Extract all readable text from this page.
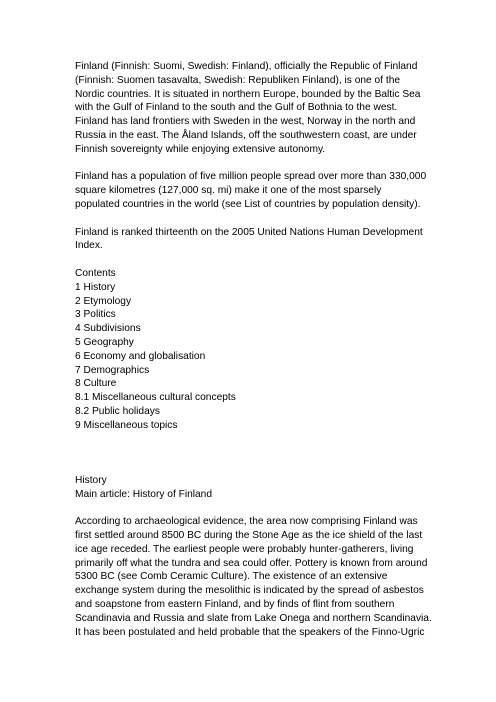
Finland (Finnish: Suomi, Swedish: Finland), officially the Republic of Finland
(Finnish: Suomen tasavalta, Swedish: Republiken Finland), is one of the
Nordic countries. It is situated in northern Europe, bounded by the Baltic Sea
with the Gulf of Finland to the south and the Gulf of Bothnia to the west.
Finland has land frontiers with Sweden in the west, Norway in the north and
Russia in the east. The Åland Islands, off the southwestern coast, are under
Finnish sovereignty while enjoying extensive autonomy.
Finland has a population of five million people spread over more than 330,000
square kilometres (127,000 sq. mi) make it one of the most sparsely
populated countries in the world (see List of countries by population density).
Finland is ranked thirteenth on the 2005 United Nations Human Development
Index.
Contents
1 History
2 Etymology
3 Politics
4 Subdivisions
5 Geography
6 Economy and globalisation
7 Demographics
8 Culture
8.1 Miscellaneous cultural concepts
8.2 Public holidays
9 Miscellaneous topics
History
Main article: History of Finland
According to archaeological evidence, the area now comprising Finland was
first settled around 8500 BC during the Stone Age as the ice shield of the last
ice age receded. The earliest people were probably hunter-gatherers, living
primarily off what the tundra and sea could offer. Pottery is known from around
5300 BC (see Comb Ceramic Culture). The existence of an extensive
exchange system during the mesolithic is indicated by the spread of asbestos
and soapstone from eastern Finland, and by finds of flint from southern
Scandinavia and Russia and slate from Lake Onega and northern Scandinavia.
It has been postulated and held probable that the speakers of the Finno-Ugric
